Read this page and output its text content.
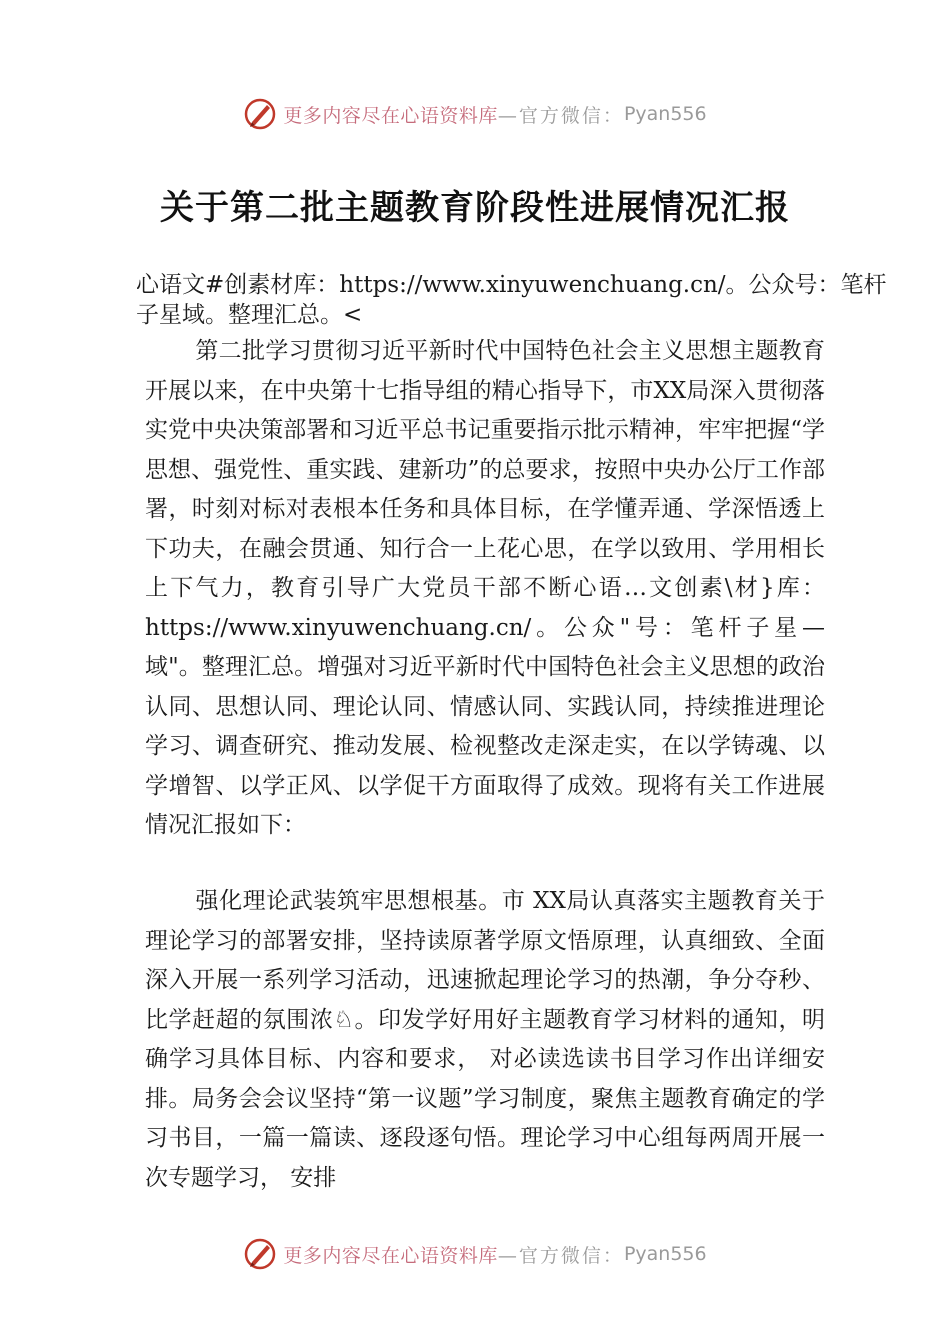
更多内容尽在心语资料库 —官方微信： Pyan556
关于第二批主题教育阶段性进展情况汇报
心语文#创素材库：https://www.xinyuwenchuang.cn/。公众号：笔杆子星域。整理汇总。<
第二批学习贯彻习近平新时代中国特色社会主义思想主题教育开展以来，在中央第十七指导组的精心指导下，市XX局深入贯彻落实党中央决策部署和习近平总书记重要指示批示精神，牢牢把握“学思想、强党性、重实践、建新功”的总要求，按照中央办公厅工作部署，时刻对标对表根本任务和具体目标，在学懂弄通、学深悟透上下功夫，在融会贯通、知行合一上花心思，在学以致用、学用相长上下气力，教育引导广大党员干部不断心语…文创素\材}库：https://www.xinyuwenchuang.cn/。公众"号：笔杆子星—域"。整理汇总。增强对习近平新时代中国特色社会主义思想的政治认同、思想认同、理论认同、情感认同、实践认同，持续推进理论学习、调查研究、推动发展、检视整改走深走实，在以学铸魂、以学增智、以学正风、以学促干方面取得了成效。现将有关工作进展情况汇报如下：
强化理论武装筑牢思想根基。市 XX局认真落实主题教育关于理论学习的部署安排，坚持读原著学原文悟原理，认真细致、全面深入开展一系列学习活动，迅速掀起理论学习的热潮，争分夺秒、比学赶超的氛围浓♘。印发学好用好主题教育学习材料的通知，明确学习具体目标、内容和要求， 对必读选读书目学习作出详细安排。局务会会议坚持“第一议题”学习制度，聚焦主题教育确定的学习书目，一篇一篇读、逐段逐句悟。理论学习中心组每两周开展一次专题学习， 安排
更多内容尽在心语资料库 —官方微信： Pyan556
